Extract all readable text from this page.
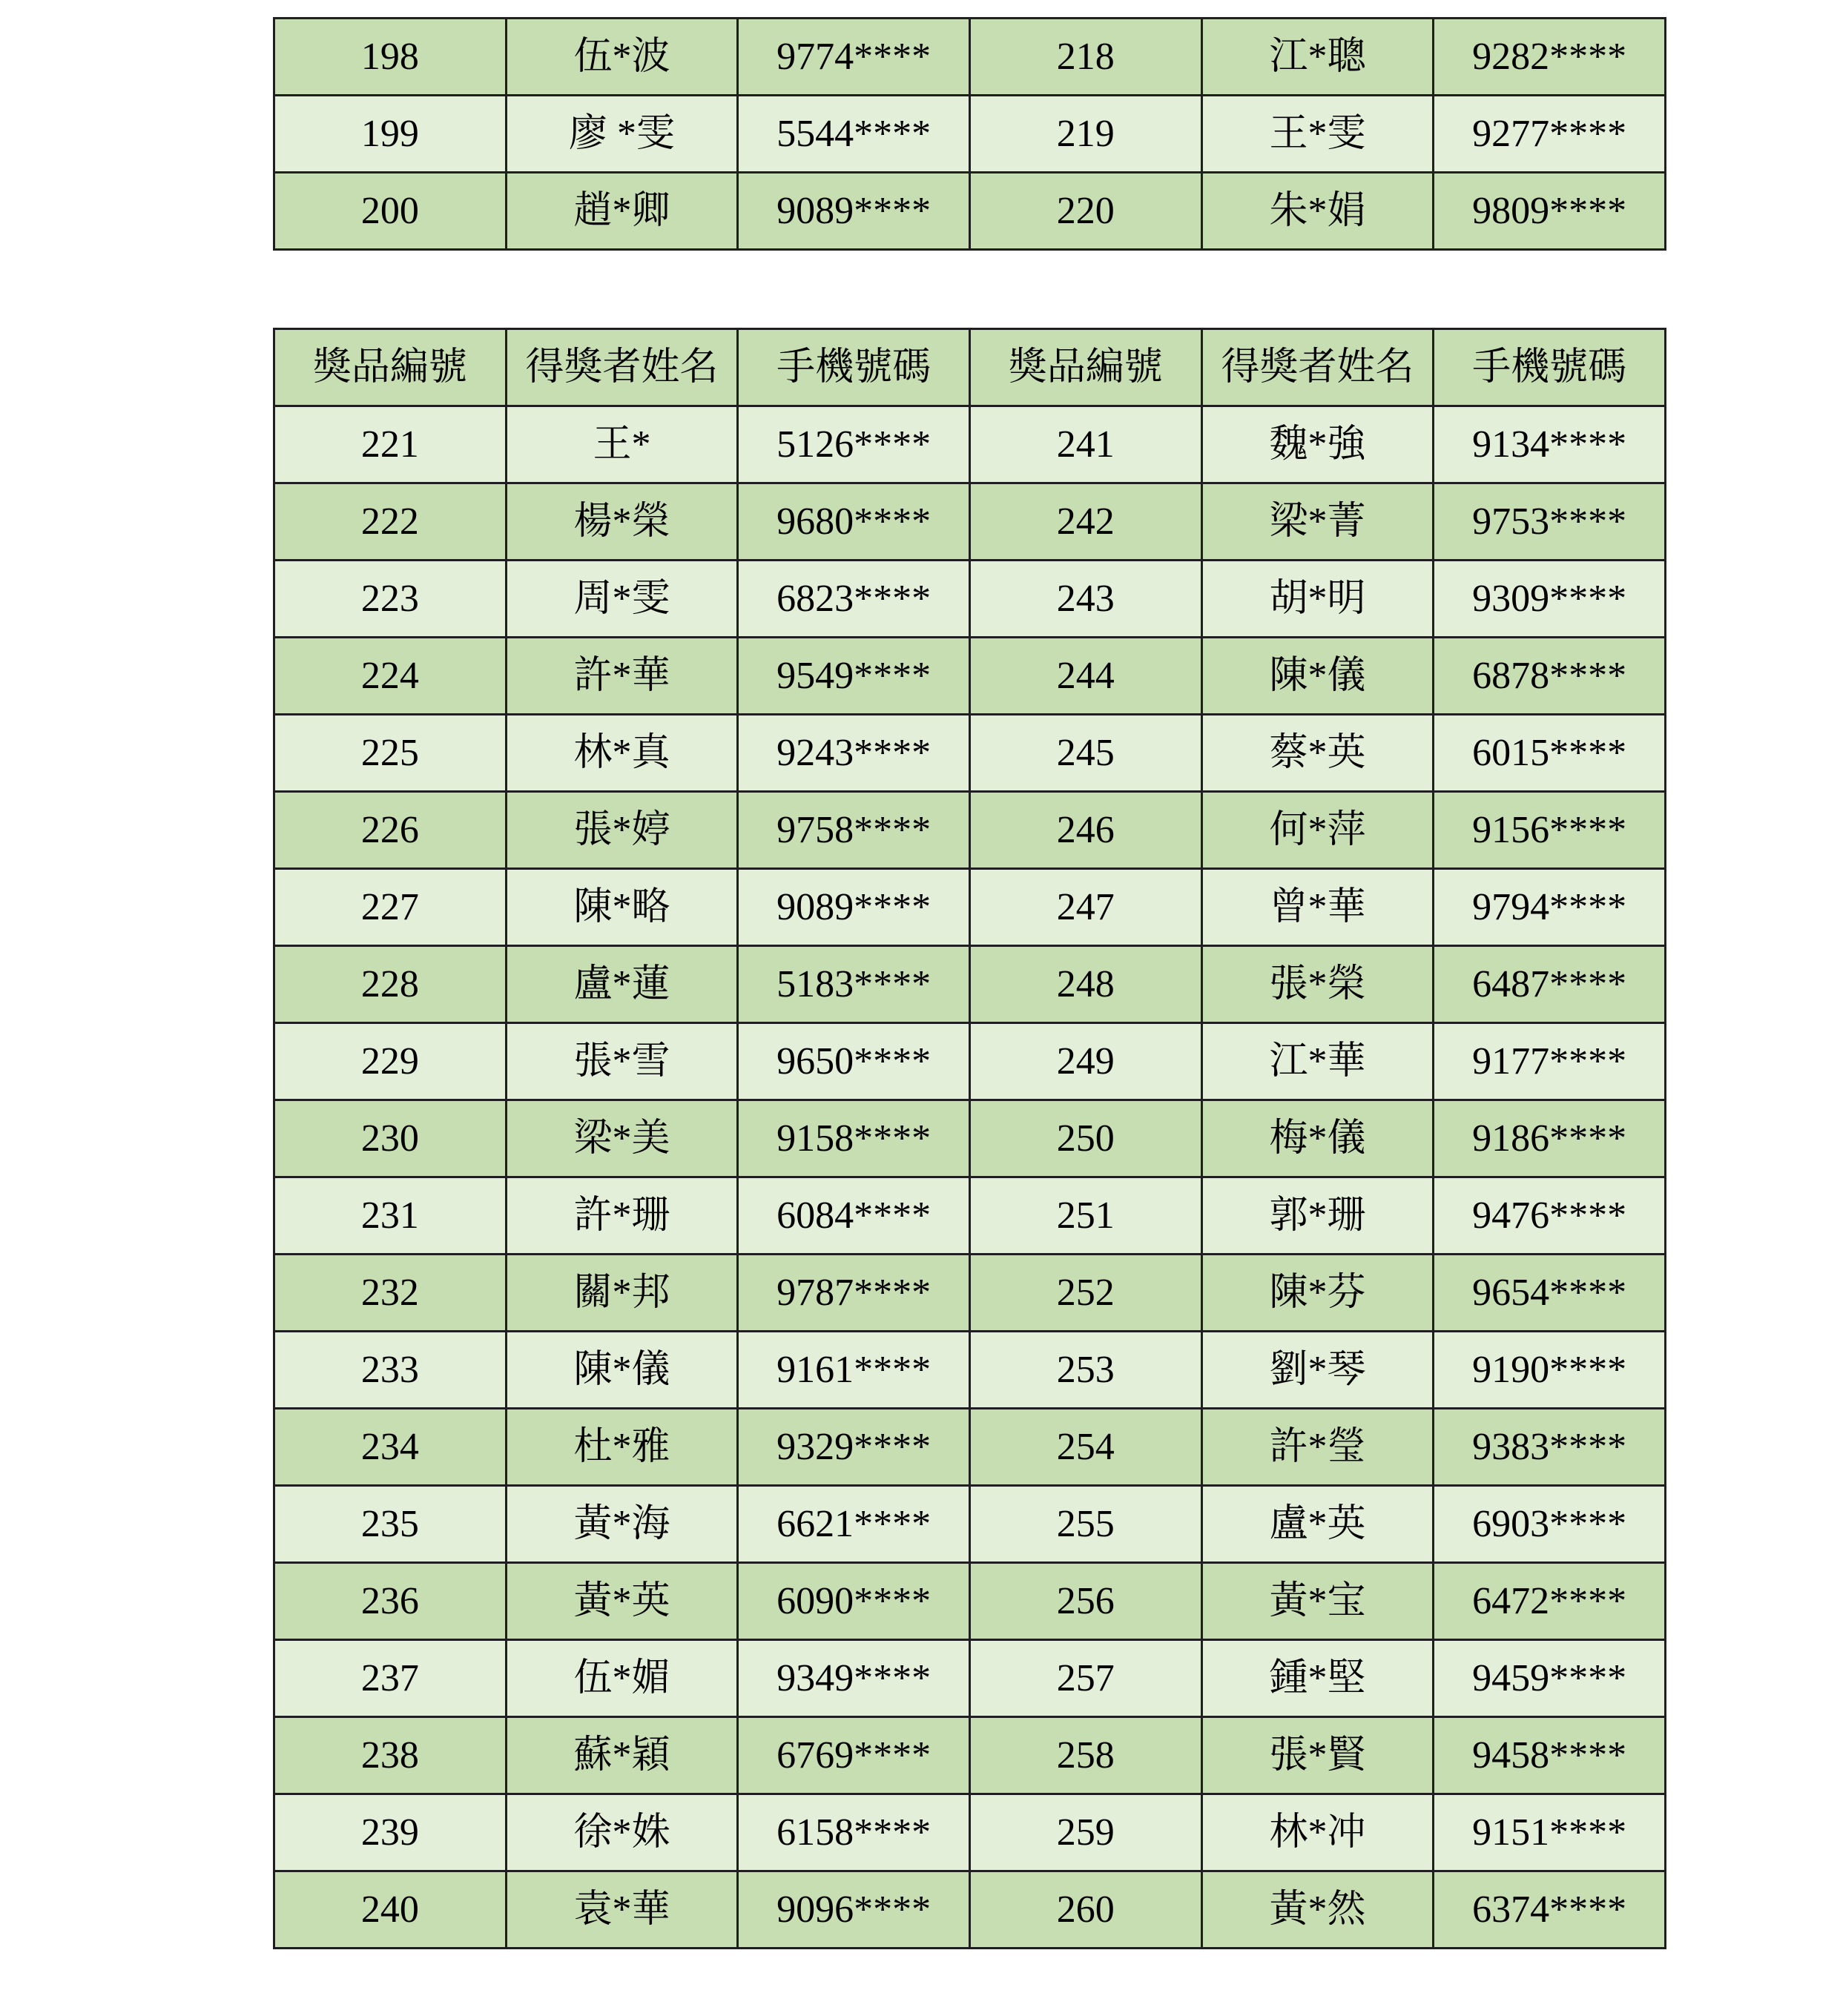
198	伍*波	9774****	218	江*聰	9282****
199	廖 *雯	5544****	219	王*雯	9277****
200	趙*卿	9089****	220	朱*娟	9809****
獎品編號	得獎者姓名	手機號碼	獎品編號	得獎者姓名	手機號碼
221	王*	5126****	241	魏*強	9134****
222	楊*榮	9680****	242	梁*菁	9753****
223	周*雯	6823****	243	胡*明	9309****
224	許*華	9549****	244	陳*儀	6878****
225	林*真	9243****	245	蔡*英	6015****
226	張*婷	9758****	246	何*萍	9156****
227	陳*略	9089****	247	曾*華	9794****
228	盧*蓮	5183****	248	張*榮	6487****
229	張*雪	9650****	249	江*華	9177****
230	梁*美	9158****	250	梅*儀	9186****
231	許*珊	6084****	251	郭*珊	9476****
232	關*邦	9787****	252	陳*芬	9654****
233	陳*儀	9161****	253	劉*琴	9190****
234	杜*雅	9329****	254	許*瑩	9383****
235	黃*海	6621****	255	盧*英	6903****
236	黃*英	6090****	256	黃*宝	6472****
237	伍*媚	9349****	257	鍾*堅	9459****
238	蘇*穎	6769****	258	張*賢	9458****
239	徐*姝	6158****	259	林*冲	9151****
240	袁*華	9096****	260	黃*然	6374****
